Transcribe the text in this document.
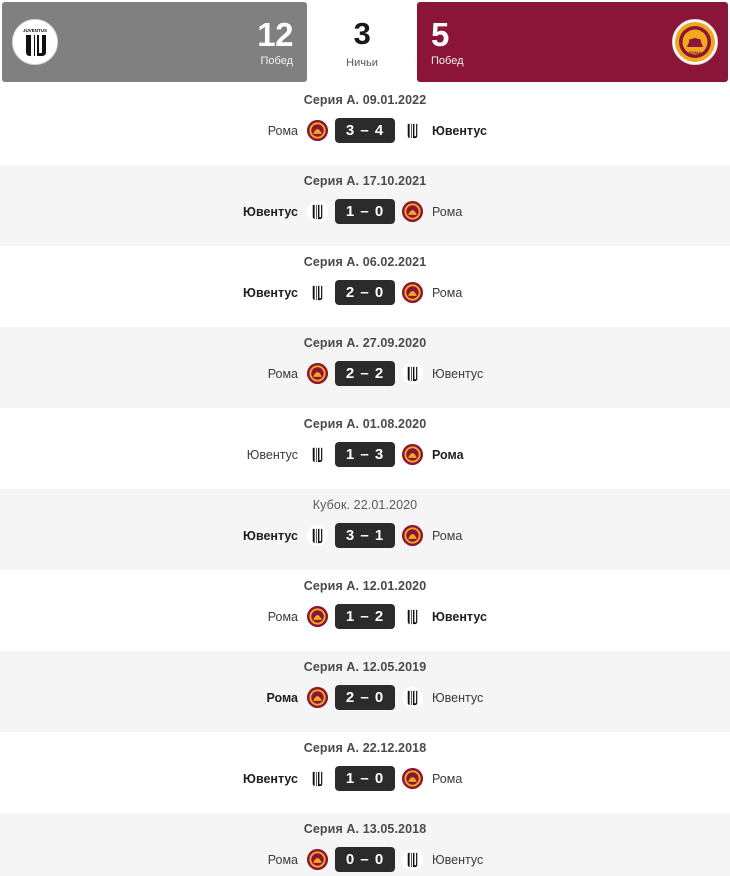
JUVENTUS	12
Побед
3
Ничьи
5
Побед
ROMA
Серия А. 09.01.2022
Рома	3 – 4	Ювентус
Серия А. 17.10.2021
Ювентус	1 – 0	Рома
Серия А. 06.02.2021
Ювентус	2 – 0	Рома
Серия А. 27.09.2020
Рома	2 – 2	Ювентус
Серия А. 01.08.2020
Ювентус	1 – 3	Рома
Кубок. 22.01.2020
Ювентус	3 – 1	Рома
Серия А. 12.01.2020
Рома	1 – 2	Ювентус
Серия А. 12.05.2019
Рома	2 – 0	Ювентус
Серия А. 22.12.2018
Ювентус	1 – 0	Рома
Серия А. 13.05.2018
Рома	0 – 0	Ювентус
